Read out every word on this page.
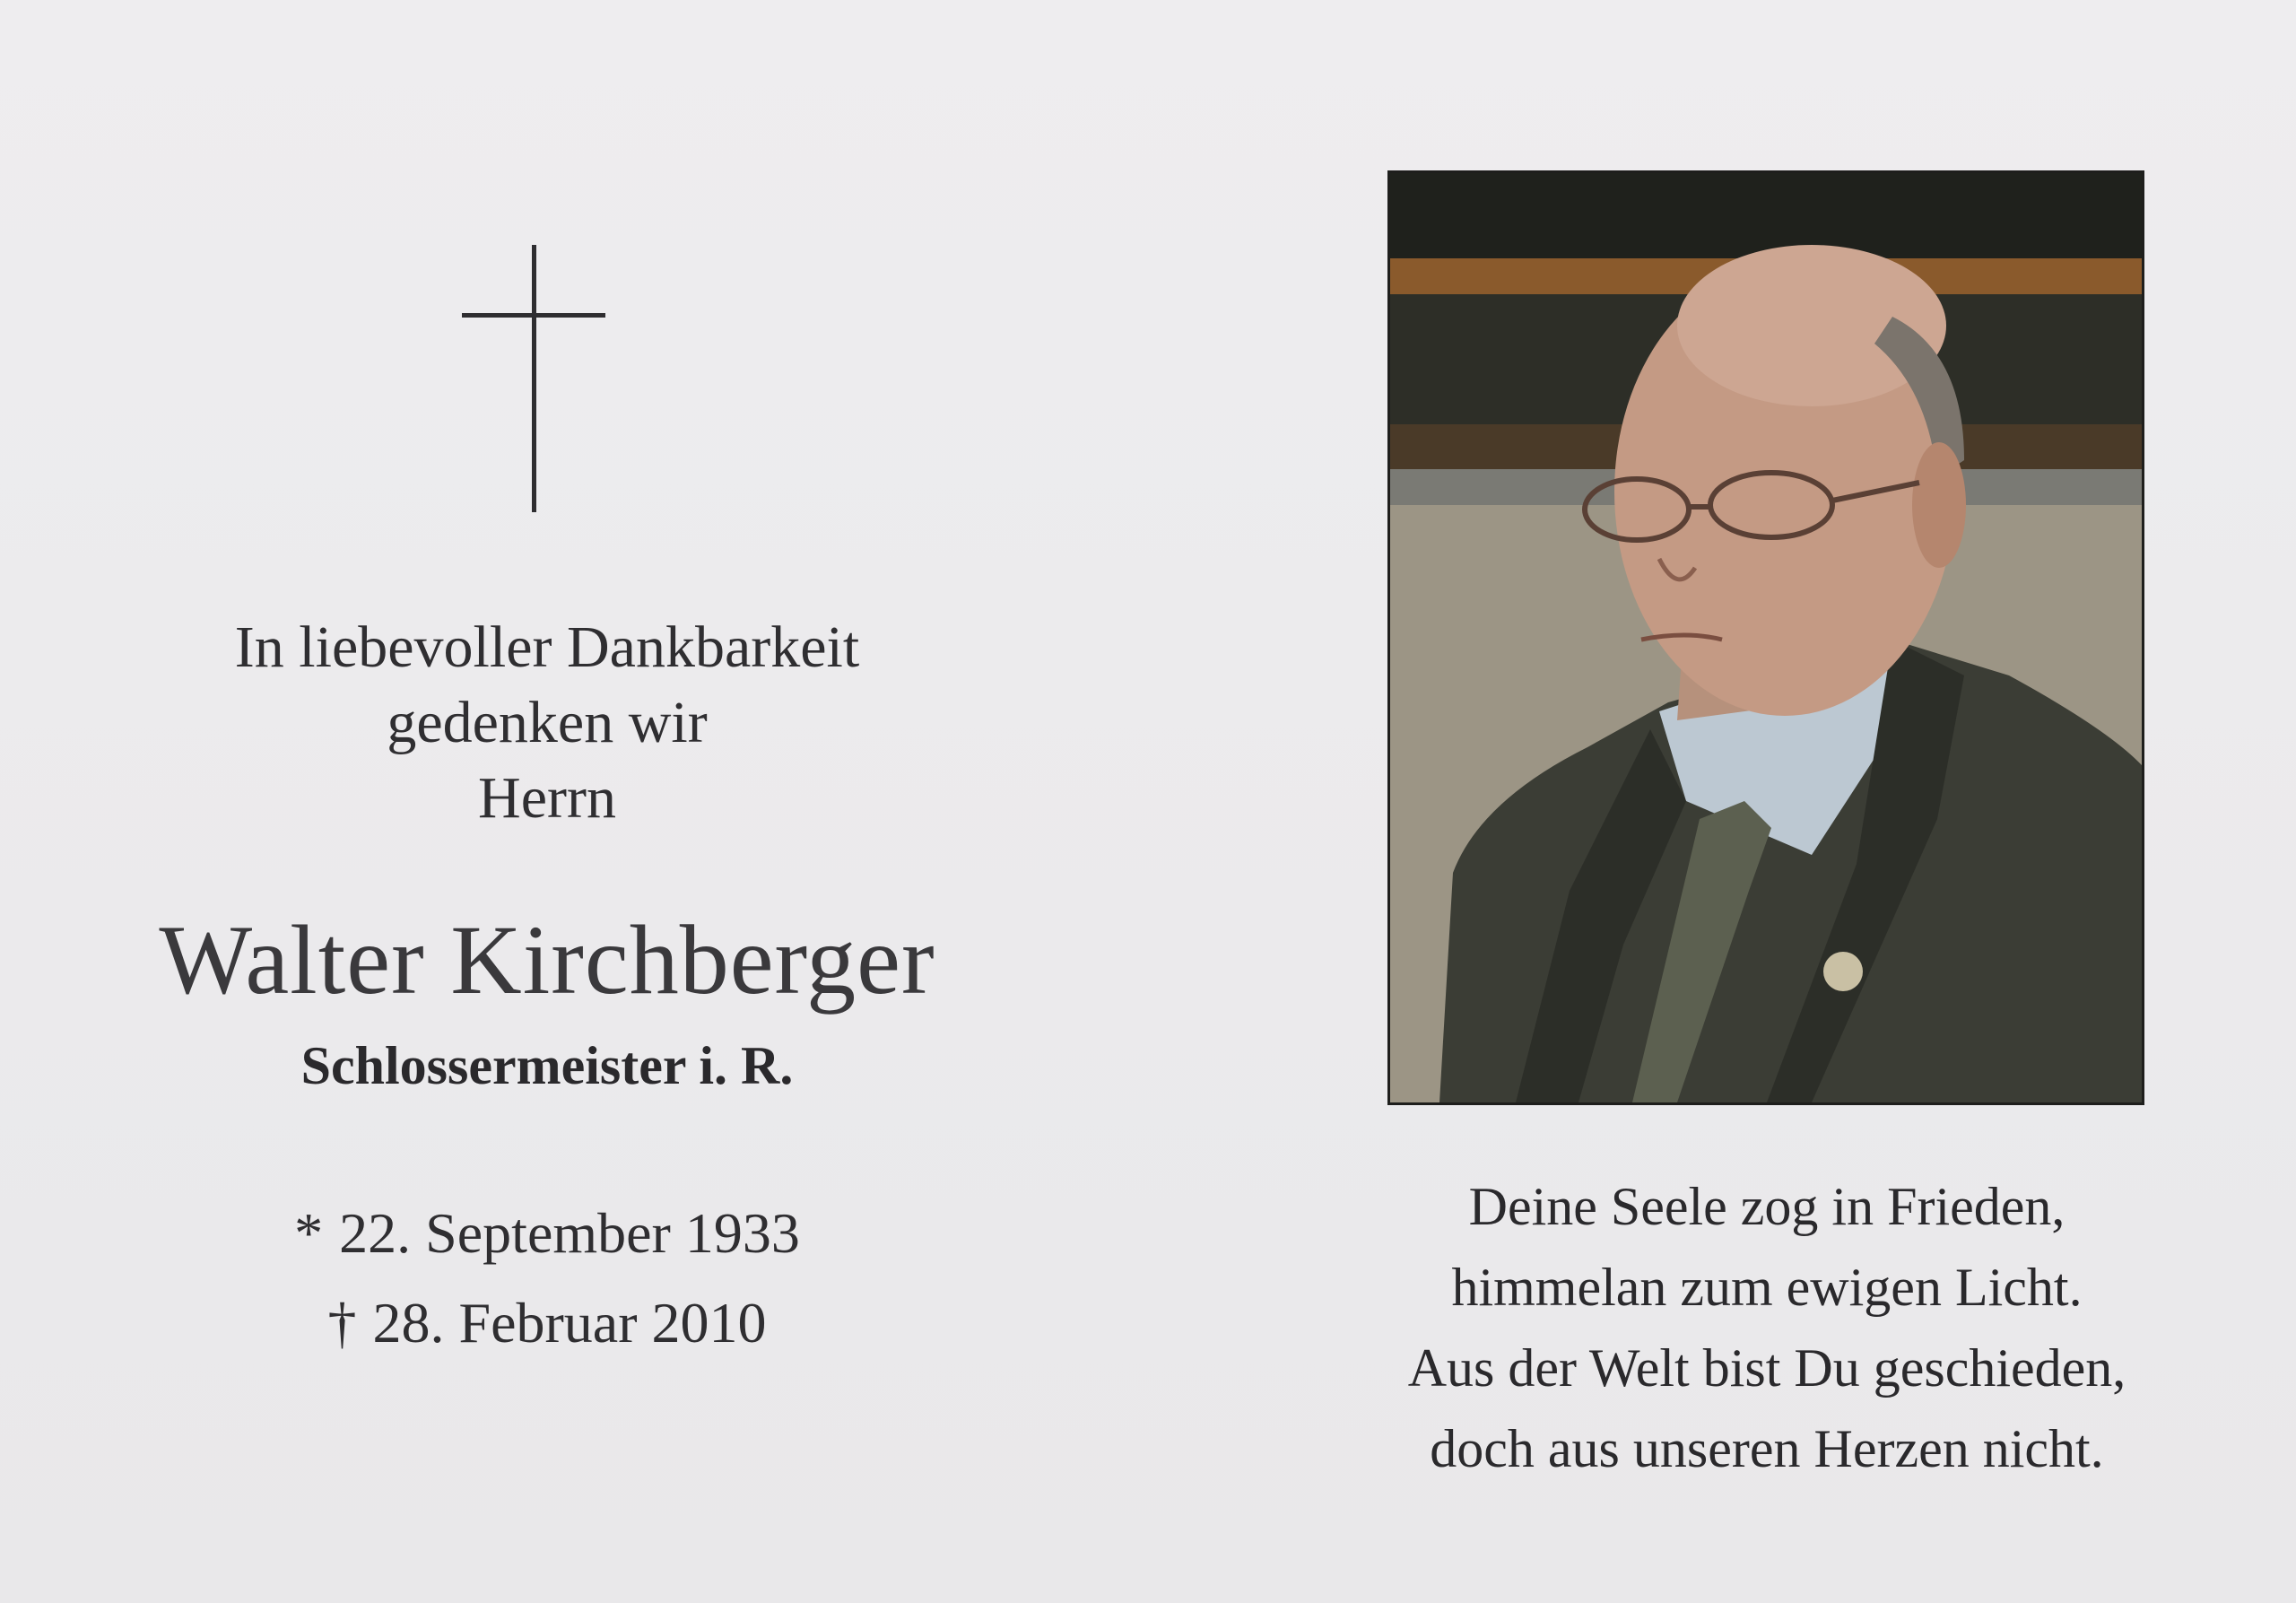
In liebevoller Dankbarkeit
gedenken wir
Herrn
Walter Kirchberger
Schlossermeister i. R.
* 22. September 1933
† 28. Februar 2010
Deine Seele zog in Frieden,
himmelan zum ewigen Licht.
Aus der Welt bist Du geschieden,
doch aus unseren Herzen nicht.
